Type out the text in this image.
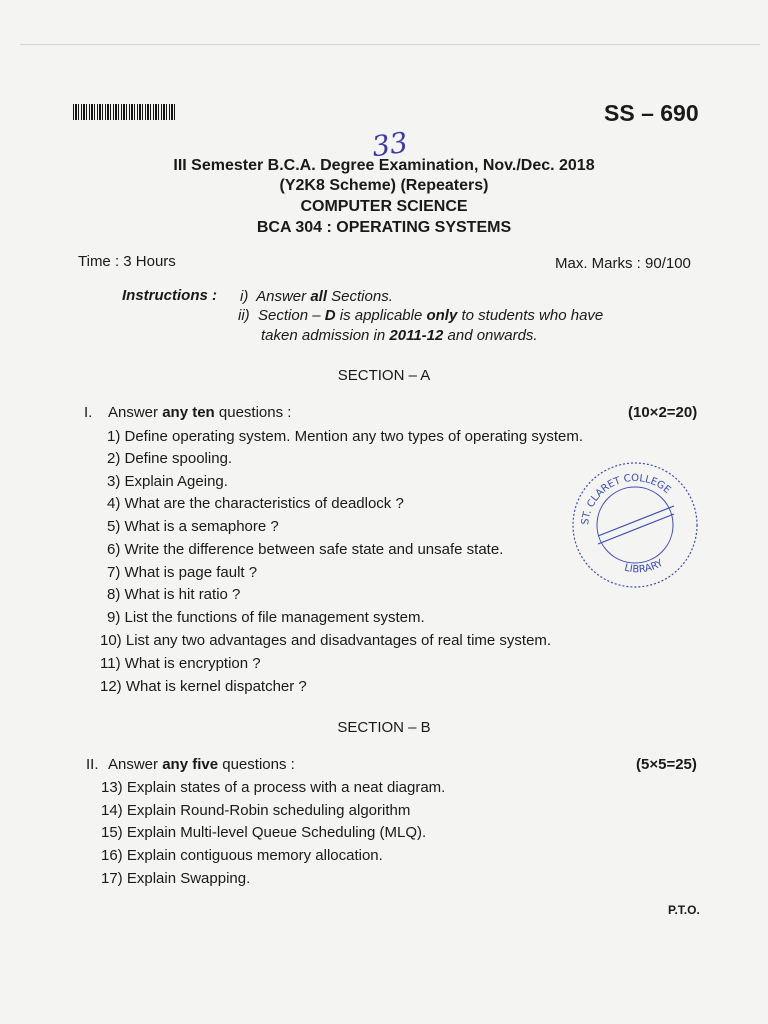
SS – 690
33
III Semester B.C.A. Degree Examination, Nov./Dec. 2018
(Y2K8 Scheme) (Repeaters)
COMPUTER SCIENCE
BCA 304 : OPERATING SYSTEMS
Time : 3 Hours	Max. Marks : 90/100
Instructions : i) Answer all Sections.
ii) Section – D is applicable only to students who have
taken admission in 2011-12 and onwards.
SECTION – A
I. Answer any ten questions :	(10×2=20)
1) Define operating system. Mention any two types of operating system.
2) Define spooling.
3) Explain Ageing.
4) What are the characteristics of deadlock ?
5) What is a semaphore ?
6) Write the difference between safe state and unsafe state.
7) What is page fault ?
8) What is hit ratio ?
9) List the functions of file management system.
10) List any two advantages and disadvantages of real time system.
11) What is encryption ?
12) What is kernel dispatcher ?
SECTION – B
II. Answer any five questions :	(5×5=25)
13) Explain states of a process with a neat diagram.
14) Explain Round-Robin scheduling algorithm
15) Explain Multi-level Queue Scheduling (MLQ).
16) Explain contiguous memory allocation.
17) Explain Swapping.
ST. CLARET COLLEGE
LIBRARY
P.T.O.
